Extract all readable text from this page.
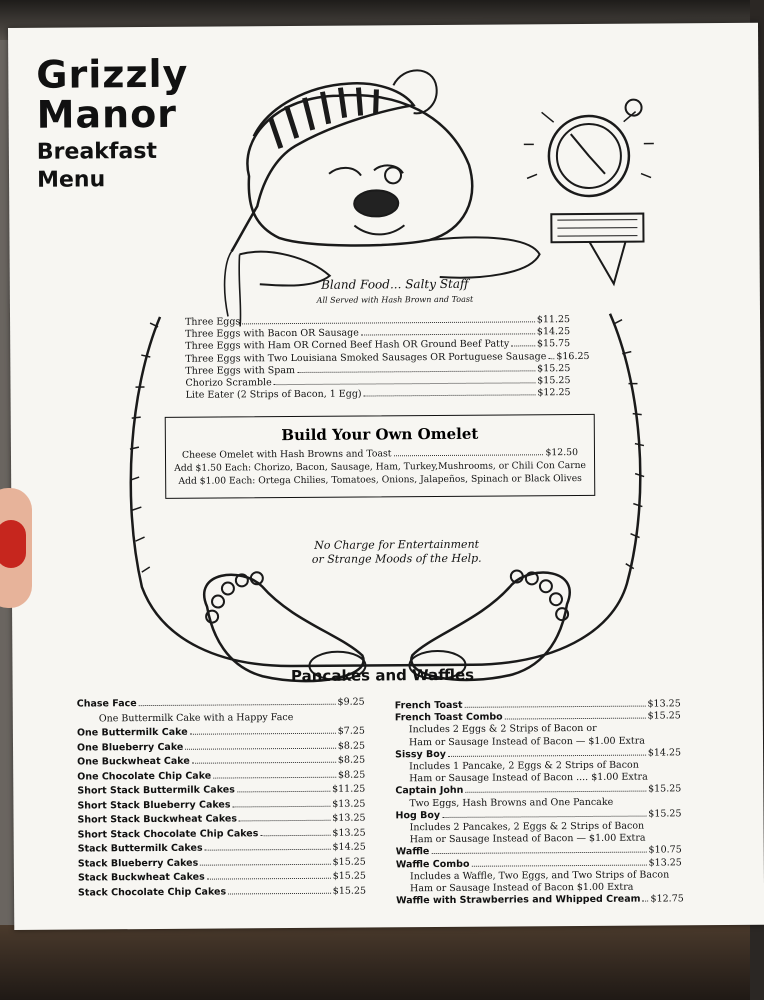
Grizzly
Manor
Breakfast
Menu
Bland Food... Salty Staff
All Served with Hash Brown and Toast
Three Eggs	$11.25
Three Eggs with Bacon OR Sausage	$14.25
Three Eggs with Ham OR Corned Beef Hash OR Ground Beef Patty	$15.75
Three Eggs with Two Louisiana Smoked Sausages OR Portuguese Sausage $16.25
Three Eggs with Spam	$15.25
Chorizo Scramble	$15.25
Lite Eater (2 Strips of Bacon, 1 Egg)	$12.25
Build Your Own Omelet
Cheese Omelet with Hash Browns and Toast	$12.50
Add $1.50 Each: Chorizo, Bacon, Sausage, Ham, Turkey,Mushrooms, or Chili Con Carne
Add $1.00 Each: Ortega Chilies, Tomatoes, Onions, Jalapeños, Spinach or Black Olives
No Charge for Entertainment
or Strange Moods of the Help.
Pancakes and Waffles
Chase Face	$9.25
One Buttermilk Cake with a Happy Face
One Buttermilk Cake	$7.25
One Blueberry Cake	$8.25
One Buckwheat Cake	$8.25
One Chocolate Chip Cake	$8.25
Short Stack Buttermilk Cakes	$11.25
Short Stack Blueberry Cakes	$13.25
Short Stack Buckwheat Cakes	$13.25
Short Stack Chocolate Chip Cakes	$13.25
Stack Buttermilk Cakes	$14.25
Stack Blueberry Cakes	$15.25
Stack Buckwheat Cakes	$15.25
Stack Chocolate Chip Cakes	$15.25
French Toast	$13.25
French Toast Combo	$15.25
Includes 2 Eggs & 2 Strips of Bacon or
Ham or Sausage Instead of Bacon — $1.00 Extra
Sissy Boy	$14.25
Includes 1 Pancake, 2 Eggs & 2 Strips of Bacon
Ham or Sausage Instead of Bacon .... $1.00 Extra
Captain John	$15.25
Two Eggs, Hash Browns and One Pancake
Hog Boy	$15.25
Includes 2 Pancakes, 2 Eggs & 2 Strips of Bacon
Ham or Sausage Instead of Bacon — $1.00 Extra
Waffle	$10.75
Waffle Combo	$13.25
Includes a Waffle, Two Eggs, and Two Strips of Bacon
Ham or Sausage Instead of Bacon $1.00 Extra
Waffle with Strawberries and Whipped Cream $12.75
